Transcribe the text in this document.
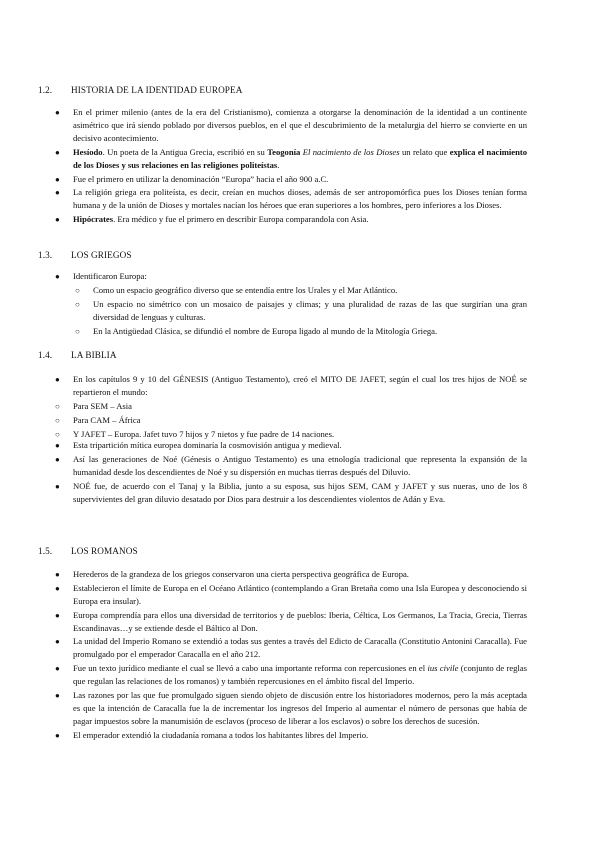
1.2. HISTORIA DE LA IDENTIDAD EUROPEA
● En el primer milenio (antes de la era del Cristianismo), comienza a otorgarse la denominación de la identidad a un continente asimétrico que irá siendo poblado por diversos pueblos, en el que el descubrimiento de la metalurgia del hierro se convierte en un decisivo acontecimiento.
● Hesíodo. Un poeta de la Antigua Grecia, escribió en su Teogonía El nacimiento de los Dioses un relato que explica el nacimiento de los Dioses y sus relaciones en las religiones politeístas.
● Fue el primero en utilizar la denominación “Europa” hacia el año 900 a.C.
● La religión griega era politeísta, es decir, creían en muchos dioses, además de ser antropomórfica pues los Dioses tenían forma humana y de la unión de Dioses y mortales nacían los héroes que eran superiores a los hombres, pero inferiores a los Dioses.
● Hipócrates. Era médico y fue el primero en describir Europa comparandola con Asia.
1.3. LOS GRIEGOS
● Identificaron Europa:
○ Como un espacio geográfico diverso que se entendía entre los Urales y el Mar Atlántico.
○ Un espacio no simétrico con un mosaico de paisajes y climas; y una pluralidad de razas de las que surgirían una gran diversidad de lenguas y culturas.
○ En la Antigüedad Clásica, se difundió el nombre de Europa ligado al mundo de la Mitología Griega.
1.4. LA BIBLIA
● En los capítulos 9 y 10 del GÉNESIS (Antiguo Testamento), creó el MITO DE JAFET, según el cual los tres hijos de NOÉ se repartieron el mundo:
○ Para SEM – Asia
○ Para CAM – África
○ Y JAFET – Europa. Jafet tuvo 7 hijos y 7 nietos y fue padre de 14 naciones.
● Esta tripartición mítica europea dominaría la cosmovisión antigua y medieval.
● Así las generaciones de Noé (Génesis o Antiguo Testamento) es una etnología tradicional que representa la expansión de la humanidad desde los descendientes de Noé y su dispersión en muchas tierras después del Diluvio.
● NOÉ fue, de acuerdo con el Tanaj y la Biblia, junto a su esposa, sus hijos SEM, CAM y JAFET y sus nueras, uno de los 8 supervivientes del gran diluvio desatado por Dios para destruir a los descendientes violentos de Adán y Eva.
1.5. LOS ROMANOS
● Herederos de la grandeza de los griegos conservaron una cierta perspectiva geográfica de Europa.
● Establecieron el límite de Europa en el Océano Atlántico (contemplando a Gran Bretaña como una Isla Europea y desconociendo si Europa era insular).
● Europa comprendía para ellos una diversidad de territorios y de pueblos: Iberia, Céltica, Los Germanos, La Tracia, Grecia, Tierras Escandinavas…y se extiende desde el Báltico al Don.
● La unidad del Imperio Romano se extendió a todas sus gentes a través del Edicto de Caracalla (Constitutio Antonini Caracalla). Fue promulgado por el emperador Caracalla en el año 212.
● Fue un texto jurídico mediante el cual se llevó a cabo una importante reforma con repercusiones en el ius civile (conjunto de reglas que regulan las relaciones de los romanos) y también repercusiones en el ámbito fiscal del Imperio.
● Las razones por las que fue promulgado siguen siendo objeto de discusión entre los historiadores modernos, pero la más aceptada es que la intención de Caracalla fue la de incrementar los ingresos del Imperio al aumentar el número de personas que había de pagar impuestos sobre la manumisión de esclavos (proceso de liberar a los esclavos) o sobre los derechos de sucesión.
● El emperador extendió la ciudadanía romana a todos los habitantes libres del Imperio.
